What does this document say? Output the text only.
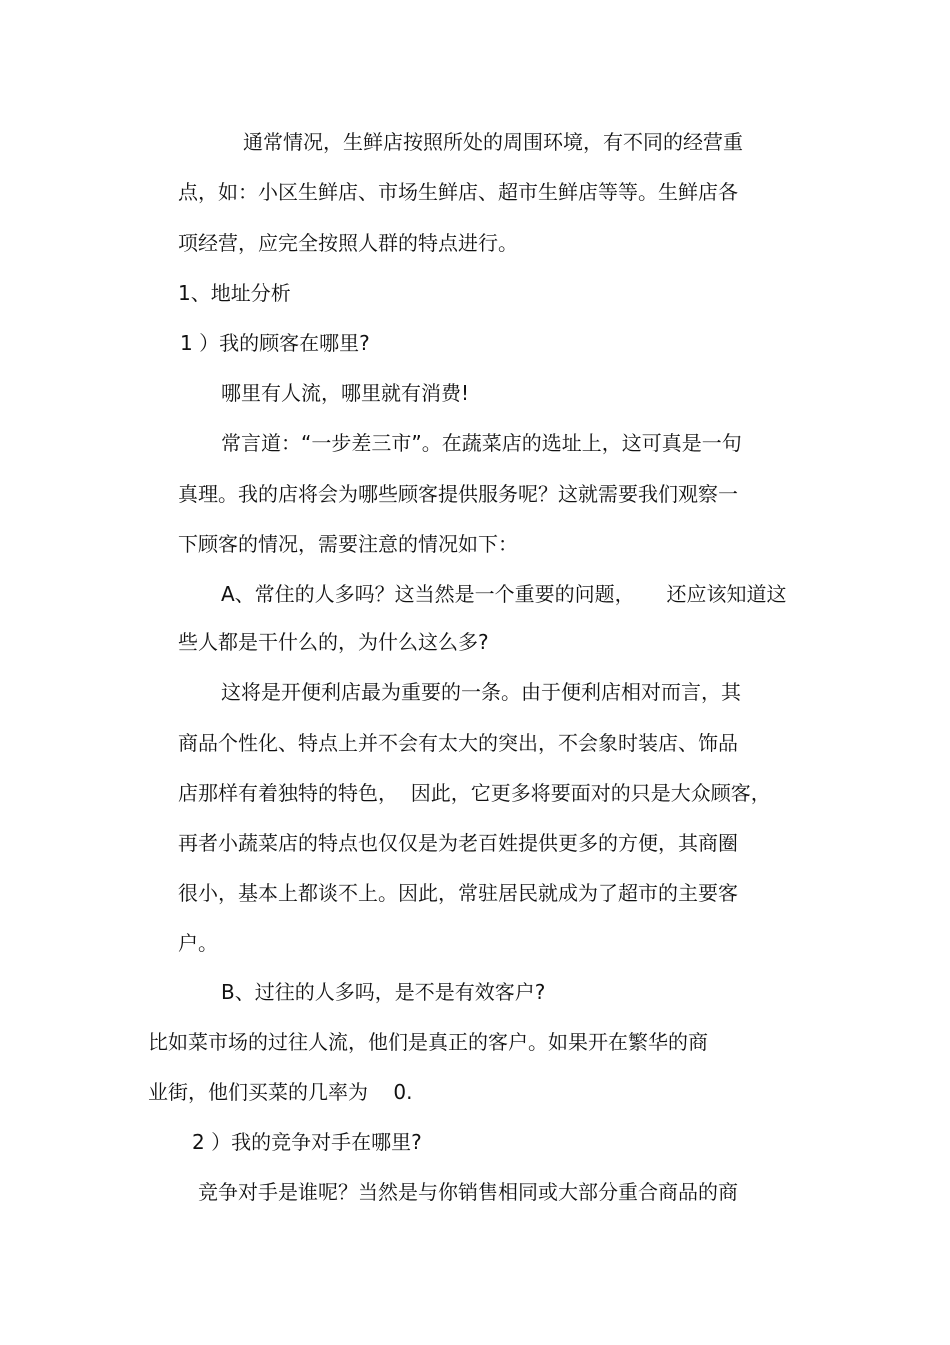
通常情况，生鲜店按照所处的周围环境，有不同的经营重

点，如：小区生鲜店、市场生鲜店、超市生鲜店等等。生鲜店各

项经营，应完全按照人群的特点进行。

1、地址分析

1 ）我的顾客在哪里?

哪里有人流，哪里就有消费!

常言道：“一步差三市”。在蔬菜店的选址上，这可真是一句

真理。我的店将会为哪些顾客提供服务呢？这就需要我们观察一

下顾客的情况，需要注意的情况如下：

A、常住的人多吗？这当然是一个重要的问题，     还应该知道这

些人都是干什么的，为什么这么多?

这将是开便利店最为重要的一条。由于便利店相对而言，其

商品个性化、特点上并不会有太大的突出，不会象时装店、饰品

店那样有着独特的特色，  因此，它更多将要面对的只是大众顾客，

再者小蔬菜店的特点也仅仅是为老百姓提供更多的方便，其商圈

很小，基本上都谈不上。因此，常驻居民就成为了超市的主要客

户。

B、过往的人多吗，是不是有效客户?

比如菜市场的过往人流，他们是真正的客户。如果开在繁华的商

业街，他们买菜的几率为    0.

2 ）我的竞争对手在哪里?

竞争对手是谁呢？当然是与你销售相同或大部分重合商品的商
